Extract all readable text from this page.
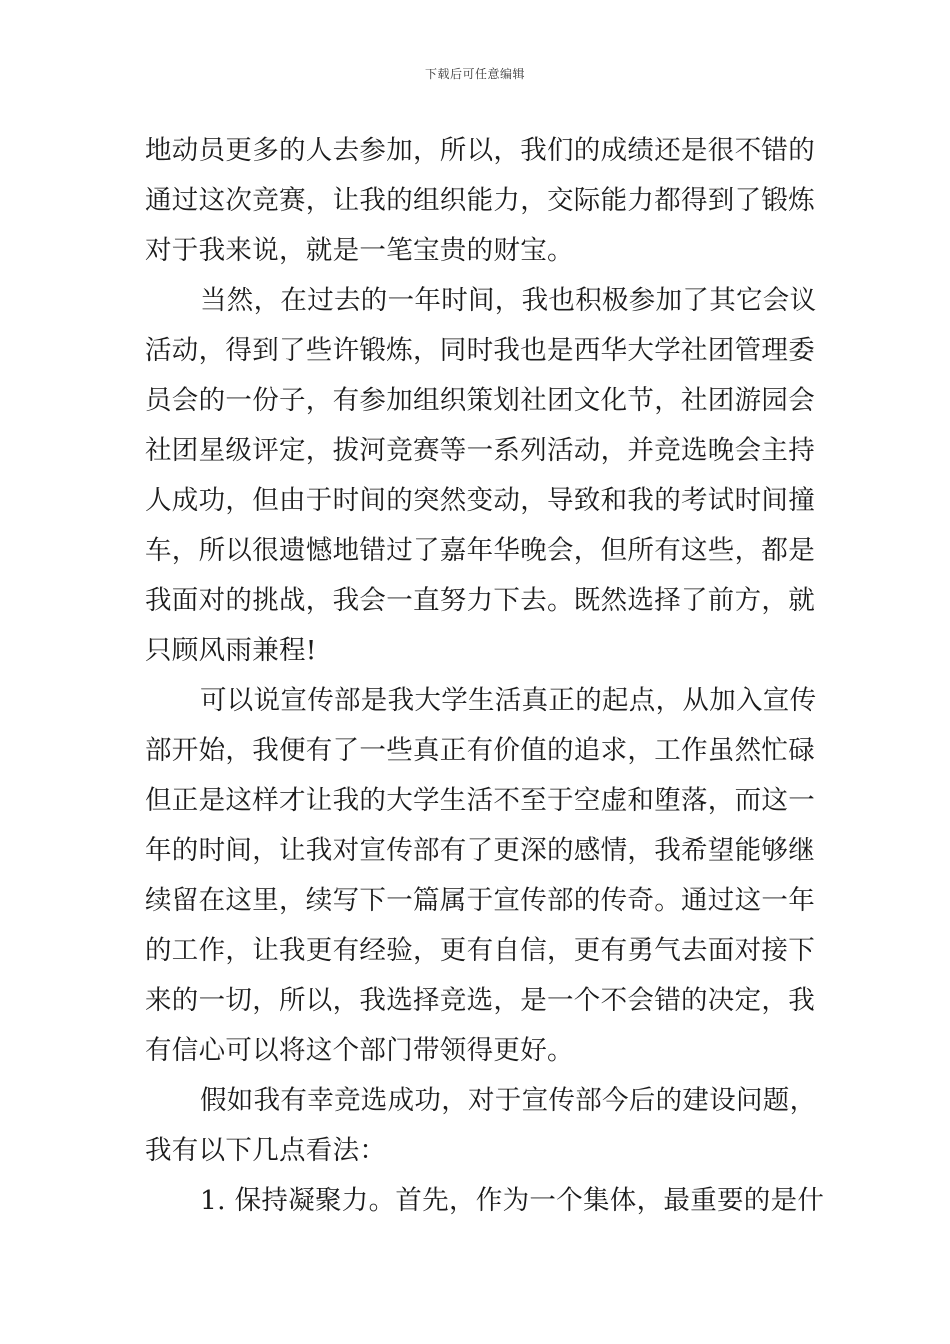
下载后可任意编辑
地动员更多的人去参加，所以，我们的成绩还是很不错的
通过这次竞赛，让我的组织能力，交际能力都得到了锻炼
对于我来说，就是一笔宝贵的财宝。
当然，在过去的一年时间，我也积极参加了其它会议
活动，得到了些许锻炼，同时我也是西华大学社团管理委
员会的一份子，有参加组织策划社团文化节，社团游园会
社团星级评定，拔河竞赛等一系列活动，并竞选晚会主持
人成功，但由于时间的突然变动，导致和我的考试时间撞
车，所以很遗憾地错过了嘉年华晚会，但所有这些，都是
我面对的挑战，我会一直努力下去。既然选择了前方，就
只顾风雨兼程!
可以说宣传部是我大学生活真正的起点，从加入宣传
部开始，我便有了一些真正有价值的追求，工作虽然忙碌
但正是这样才让我的大学生活不至于空虚和堕落，而这一
年的时间，让我对宣传部有了更深的感情，我希望能够继
续留在这里，续写下一篇属于宣传部的传奇。通过这一年
的工作，让我更有经验，更有自信，更有勇气去面对接下
来的一切，所以，我选择竞选，是一个不会错的决定，我
有信心可以将这个部门带领得更好。
假如我有幸竞选成功，对于宣传部今后的建设问题，
我有以下几点看法：
1. 保持凝聚力。首先，作为一个集体，最重要的是什
